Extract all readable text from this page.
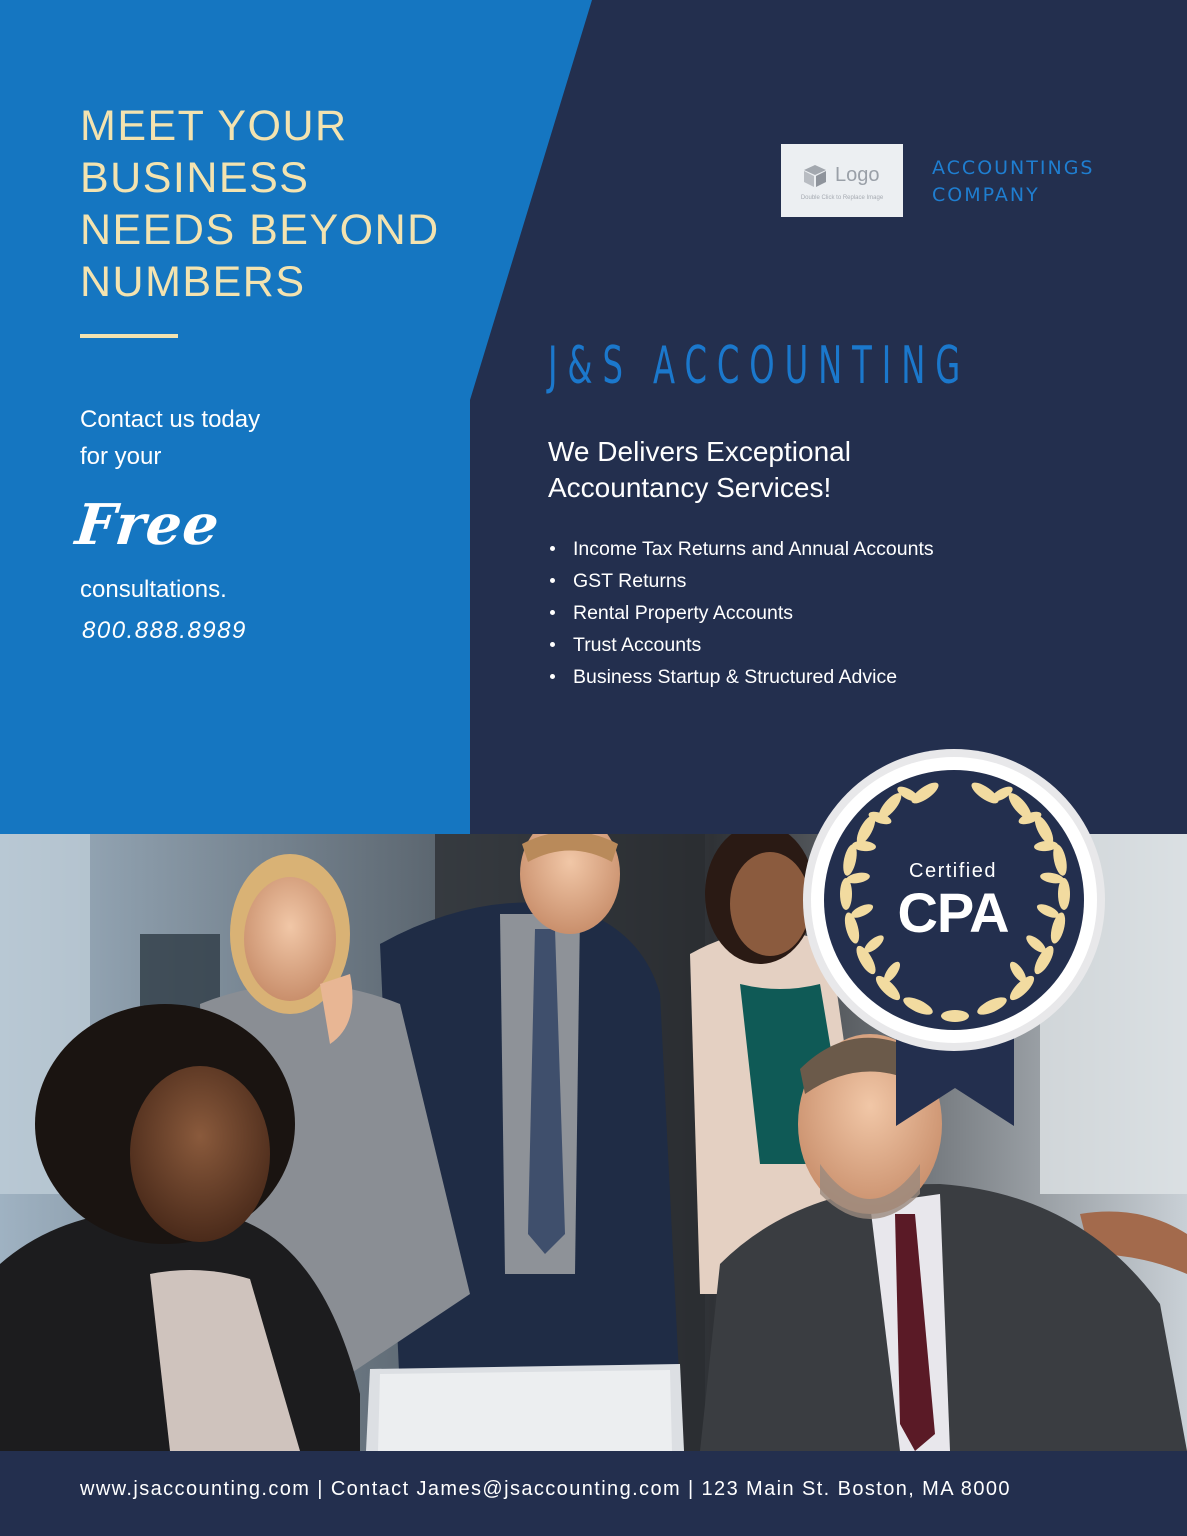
MEET YOUR
BUSINESS
NEEDS BEYOND
NUMBERS
Contact us today
for your
Free
consultations.
800.888.8989
Logo
Double Click to Replace Image
ACCOUNTINGS
COMPANY
J&S ACCOUNTING
We Delivers Exceptional
Accountancy Services!
Income Tax Returns and Annual Accounts
GST Returns
Rental Property Accounts
Trust Accounts
Business Startup & Structured Advice
Certified
CPA
www.jsaccounting.com | Contact James@jsaccounting.com | 123 Main St. Boston, MA 8000
